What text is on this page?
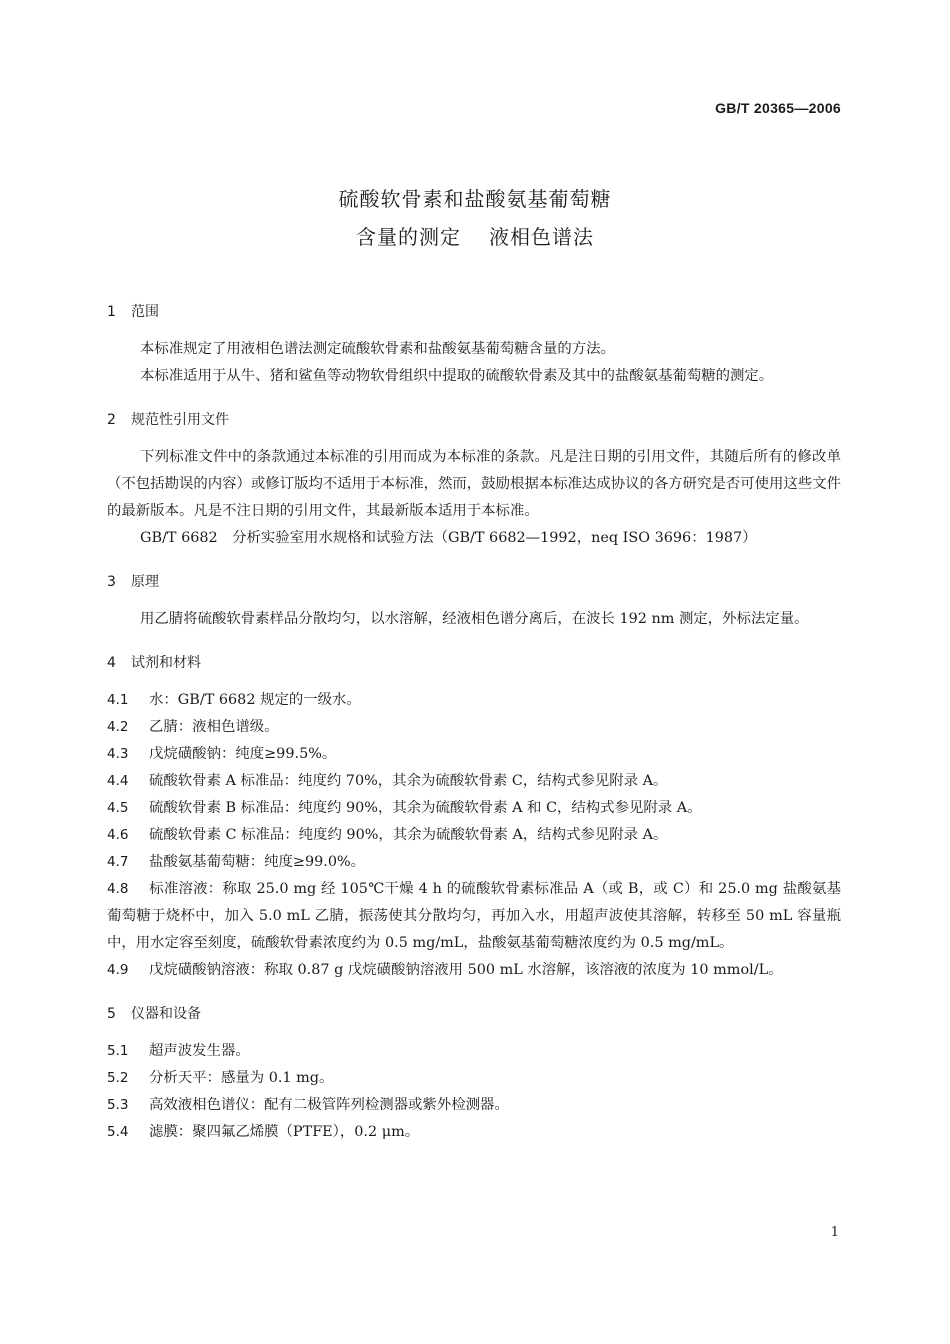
GB/T 20365—2006
硫酸软骨素和盐酸氨基葡萄糖
含量的测定 液相色谱法
1 范围
本标准规定了用液相色谱法测定硫酸软骨素和盐酸氨基葡萄糖含量的方法。
本标准适用于从牛、猪和鲨鱼等动物软骨组织中提取的硫酸软骨素及其中的盐酸氨基葡萄糖的测定。
2 规范性引用文件
下列标准文件中的条款通过本标准的引用而成为本标准的条款。凡是注日期的引用文件，其随后所有的修改单（不包括勘误的内容）或修订版均不适用于本标准，然而，鼓励根据本标准达成协议的各方研究是否可使用这些文件的最新版本。凡是不注日期的引用文件，其最新版本适用于本标准。
GB/T 6682　分析实验室用水规格和试验方法（GB/T 6682—1992，neq ISO 3696：1987）
3 原理
用乙腈将硫酸软骨素样品分散均匀，以水溶解，经液相色谱分离后，在波长 192 nm 测定，外标法定量。
4 试剂和材料
4.1 水：GB/T 6682 规定的一级水。
4.2 乙腈：液相色谱级。
4.3 戊烷磺酸钠：纯度≥99.5%。
4.4 硫酸软骨素 A 标准品：纯度约 70%，其余为硫酸软骨素 C，结构式参见附录 A。
4.5 硫酸软骨素 B 标准品：纯度约 90%，其余为硫酸软骨素 A 和 C，结构式参见附录 A。
4.6 硫酸软骨素 C 标准品：纯度约 90%，其余为硫酸软骨素 A，结构式参见附录 A。
4.7 盐酸氨基葡萄糖：纯度≥99.0%。
4.8 标准溶液：称取 25.0 mg 经 105℃干燥 4 h 的硫酸软骨素标准品 A（或 B，或 C）和 25.0 mg 盐酸氨基葡萄糖于烧杯中，加入 5.0 mL 乙腈，振荡使其分散均匀，再加入水，用超声波使其溶解，转移至 50 mL 容量瓶中，用水定容至刻度，硫酸软骨素浓度约为 0.5 mg/mL，盐酸氨基葡萄糖浓度约为 0.5 mg/mL。
4.9 戊烷磺酸钠溶液：称取 0.87 g 戊烷磺酸钠溶液用 500 mL 水溶解，该溶液的浓度为 10 mmol/L。
5 仪器和设备
5.1 超声波发生器。
5.2 分析天平：感量为 0.1 mg。
5.3 高效液相色谱仪：配有二极管阵列检测器或紫外检测器。
5.4 滤膜：聚四氟乙烯膜（PTFE），0.2 μm。
1
